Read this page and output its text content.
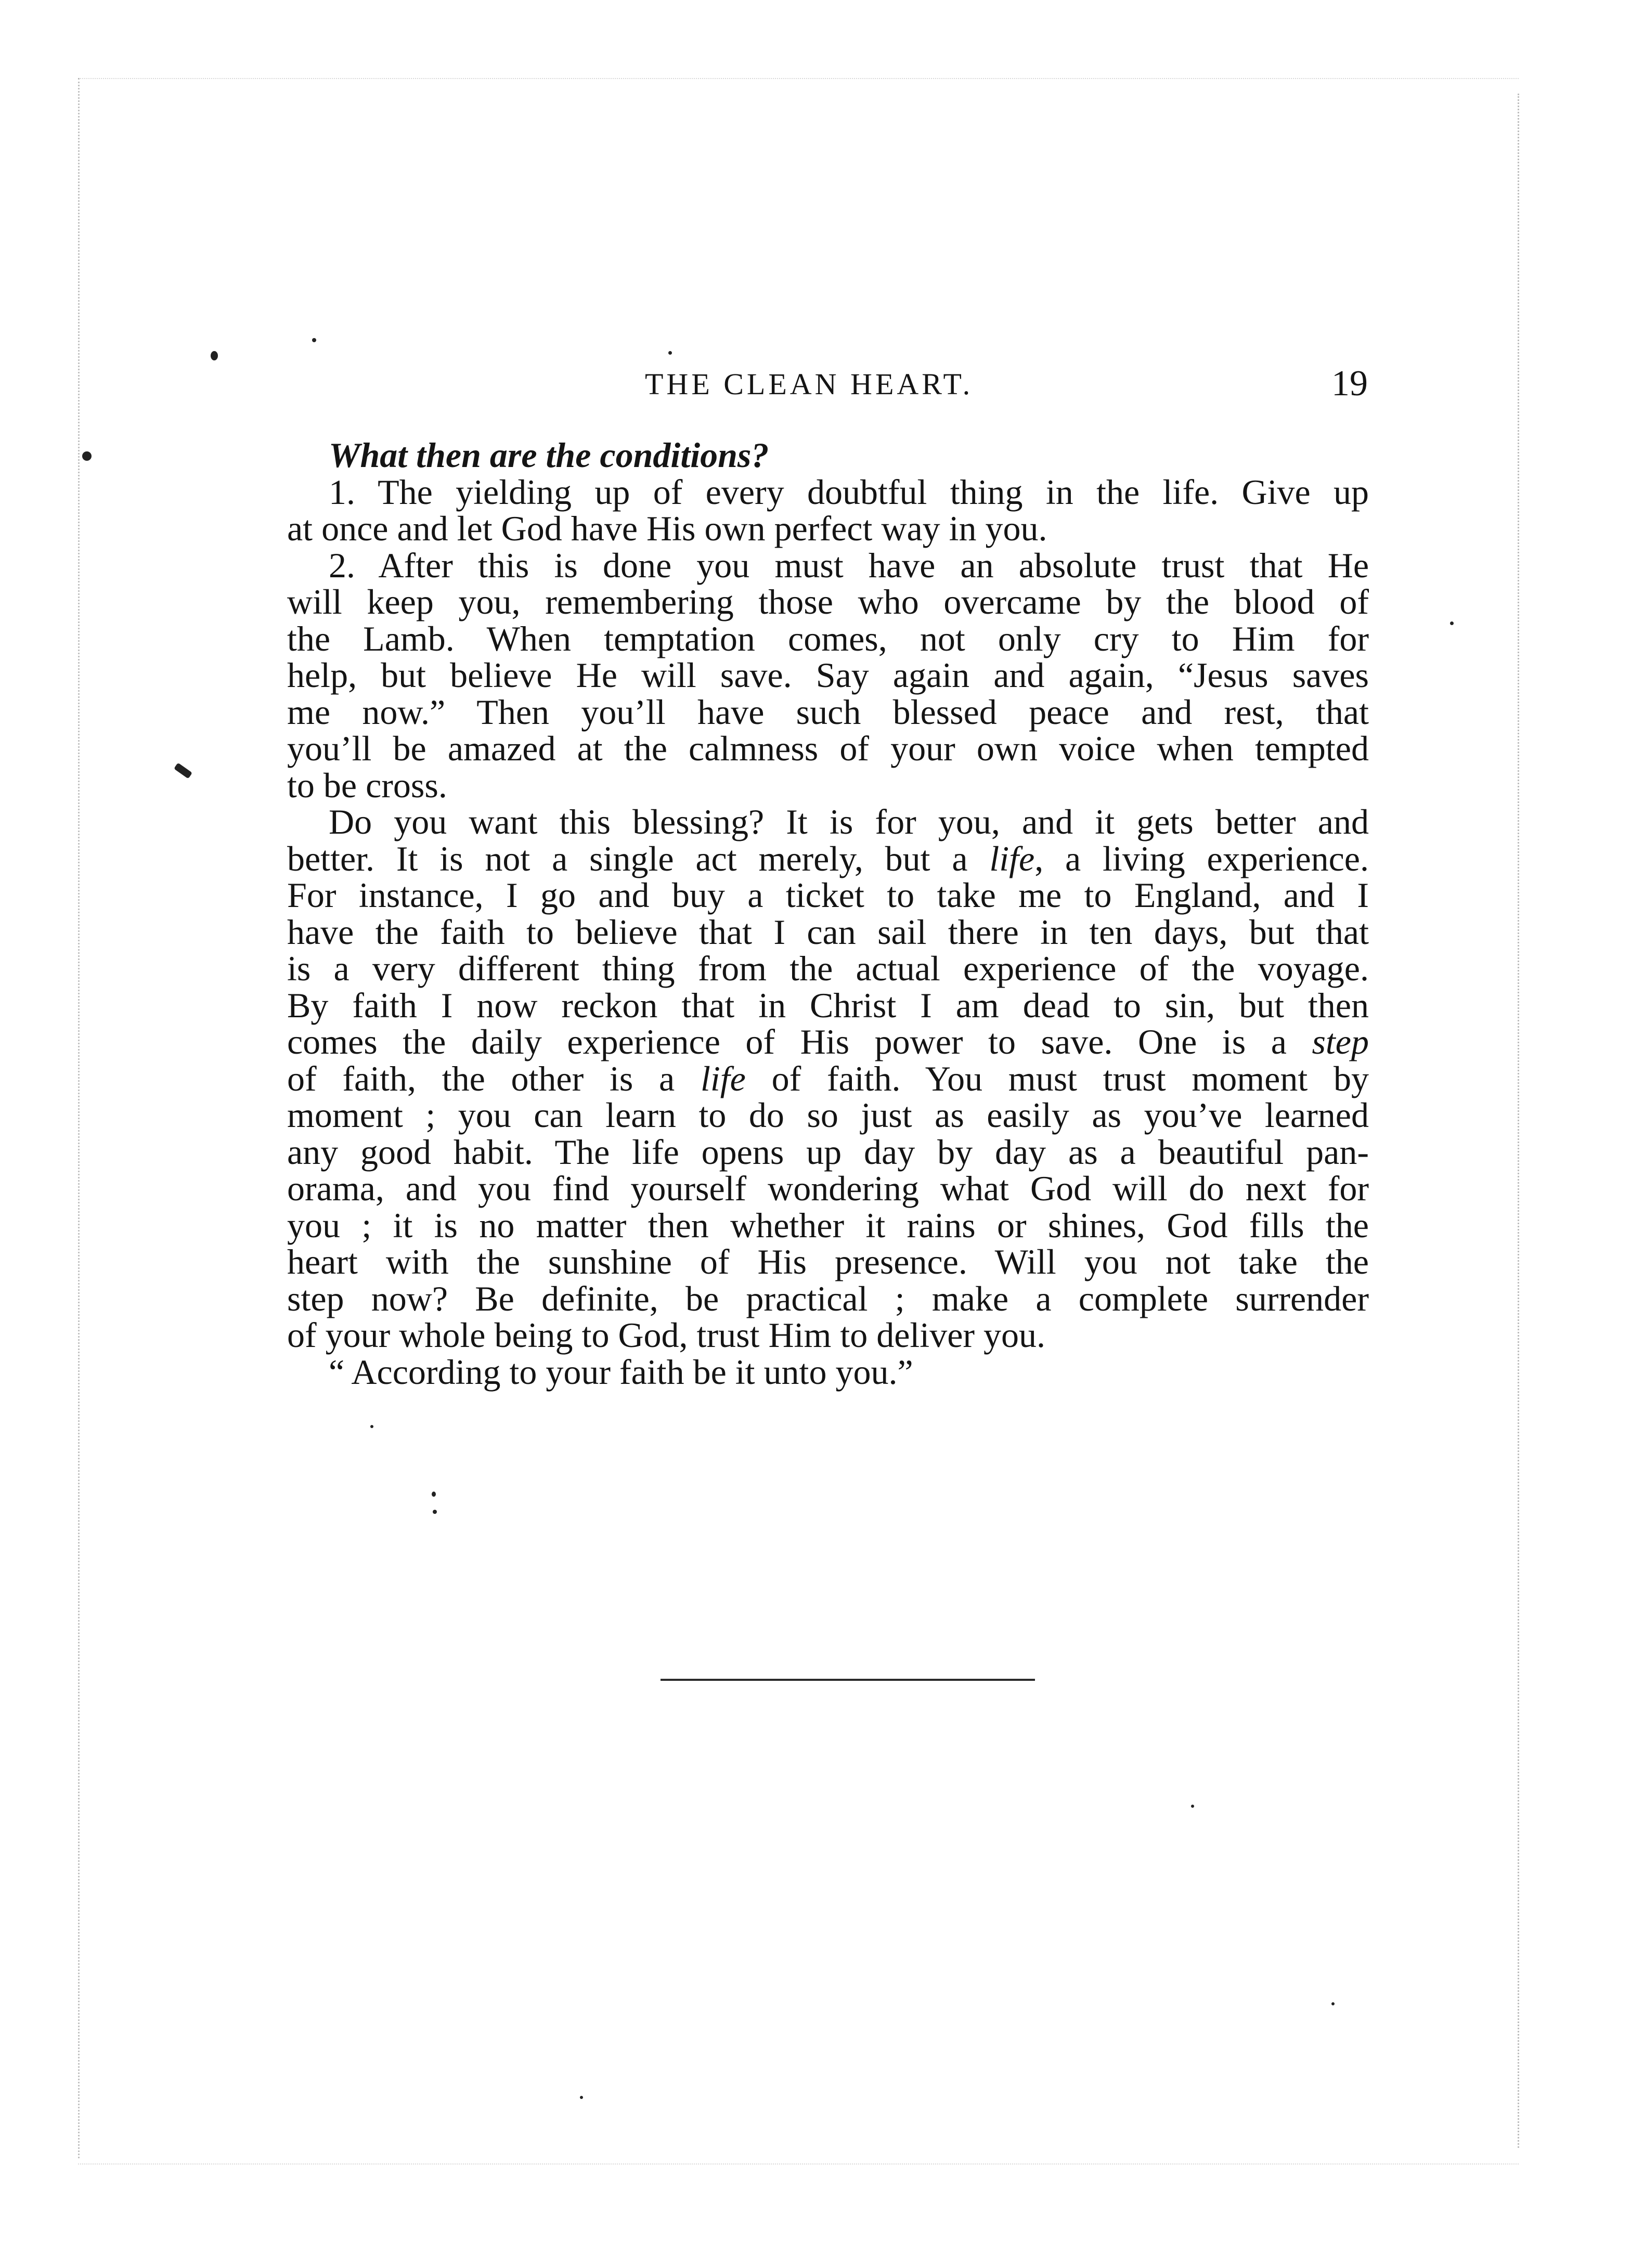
THE CLEAN HEART.	19
What then are the conditions?
1. The yielding up of every doubtful thing in the life. Give up
at once and let God have His own perfect way in you.
2. After this is done you must have an absolute trust that He
will keep you, remembering those who overcame by the blood of
the Lamb. When temptation comes, not only cry to Him for
help, but believe He will save. Say again and again, “Jesus saves
me now.” Then you’ll have such blessed peace and rest, that
you’ll be amazed at the calmness of your own voice when tempted
to be cross.
Do you want this blessing? It is for you, and it gets better and
better. It is not a single act merely, but a life, a living experience.
For instance, I go and buy a ticket to take me to England, and I
have the faith to believe that I can sail there in ten days, but that
is a very different thing from the actual experience of the voyage.
By faith I now reckon that in Christ I am dead to sin, but then
comes the daily experience of His power to save. One is a step
of faith, the other is a life of faith. You must trust moment by
moment ; you can learn to do so just as easily as you’ve learned
any good habit. The life opens up day by day as a beautiful pan-
orama, and you find yourself wondering what God will do next for
you ; it is no matter then whether it rains or shines, God fills the
heart with the sunshine of His presence. Will you not take the
step now? Be definite, be practical ; make a complete surrender
of your whole being to God, trust Him to deliver you.
“ According to your faith be it unto you.”
